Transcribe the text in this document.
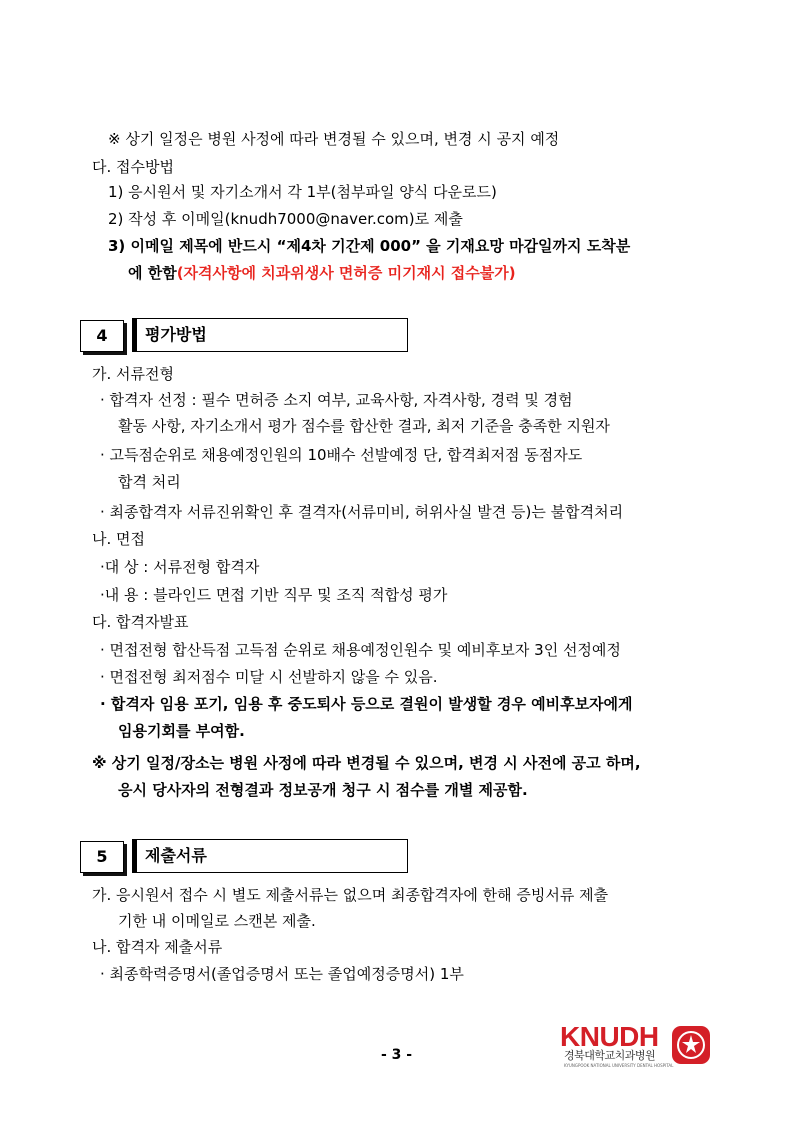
※ 상기 일정은 병원 사정에 따라 변경될 수 있으며, 변경 시 공지 예정
다. 접수방법
1) 응시원서 및 자기소개서 각 1부(첨부파일 양식 다운로드)
2) 작성 후 이메일(knudh7000@naver.com)로 제출
3) 이메일 제목에 반드시 “제4차 기간제 000” 을 기재요망 마감일까지 도착분
에 한함(자격사항에 치과위생사 면허증 미기재시 접수불가)
4	평가방법
가. 서류전형
· 합격자 선정 : 필수 면허증 소지 여부, 교육사항, 자격사항, 경력 및 경험
활동 사항, 자기소개서 평가 점수를 합산한 결과, 최저 기준을 충족한 지원자
· 고득점순위로 채용예정인원의 10배수 선발예정 단, 합격최저점 동점자도
합격 처리
· 최종합격자 서류진위확인 후 결격자(서류미비, 허위사실 발견 등)는 불합격처리
나. 면접
·대 상 : 서류전형 합격자
·내 용 : 블라인드 면접 기반 직무 및 조직 적합성 평가
다. 합격자발표
· 면접전형 합산득점 고득점 순위로 채용예정인원수 및 예비후보자 3인 선정예정
· 면접전형 최저점수 미달 시 선발하지 않을 수 있음.
· 합격자 임용 포기, 임용 후 중도퇴사 등으로 결원이 발생할 경우 예비후보자에게
임용기회를 부여함.
※ 상기 일정/장소는 병원 사정에 따라 변경될 수 있으며, 변경 시 사전에 공고 하며,
응시 당사자의 전형결과 정보공개 청구 시 점수를 개별 제공함.
5	제출서류
가. 응시원서 접수 시 별도 제출서류는 없으며 최종합격자에 한해 증빙서류 제출
기한 내 이메일로 스캔본 제출.
나. 합격자 제출서류
· 최종학력증명서(졸업증명서 또는 졸업예정증명서) 1부
- 3 -
KNUDH
경북대학교치과병원
KYUNGPOOK NATIONAL UNIVERSITY DENTAL HOSPITAL
